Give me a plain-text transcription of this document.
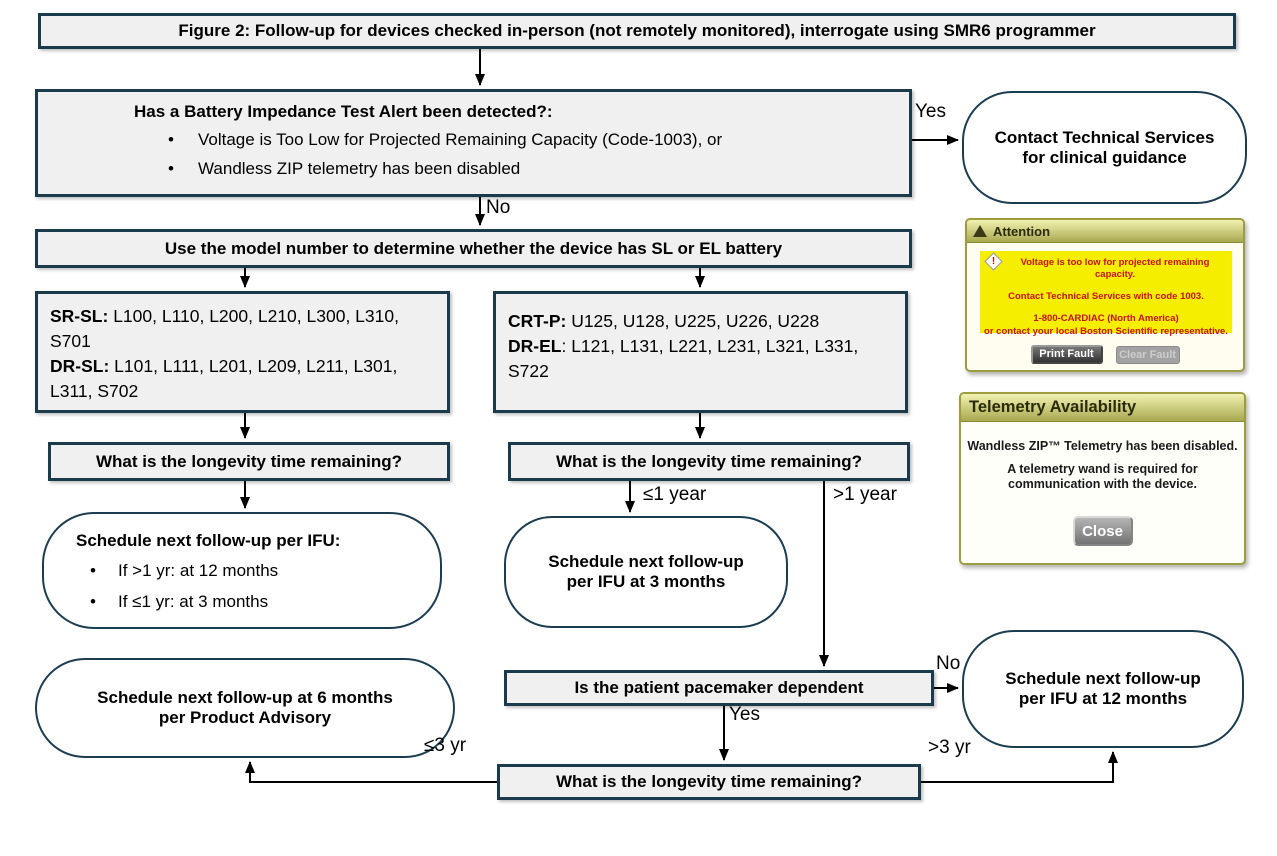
Figure 2: Follow-up for devices checked in-person (not remotely monitored), interrogate using SMR6 programmer
Has a Battery Impedance Test Alert been detected?:
•	Voltage is Too Low for Projected Remaining Capacity (Code-1003), or
•	Wandless ZIP telemetry has been disabled
Contact Technical Services for clinical guidance
Use the model number to determine whether the device has SL or EL battery
SR-SL: L100, L110, L200, L210, L300, L310, S701
DR-SL: L101, L111, L201, L209, L211, L301, L311, S702
CRT-P: U125, U128, U225, U226, U228
DR-EL: L121, L131, L221, L231, L321, L331, S722
What is the longevity time remaining?	What is the longevity time remaining?
Schedule next follow-up per IFU:
•	If >1 yr: at 12 months
•	If ≤1 yr: at 3 months
Schedule next follow-up per IFU at 3 months
Is the patient pacemaker dependent	Schedule next follow-up per IFU at 12 months
Schedule next follow-up at 6 months per Product Advisory
What is the longevity time remaining?
Yes
No
≤1 year	>1 year
No
Yes
≤3 yr	>3 yr
Attention
!	Voltage is too low for projected remaining capacity.
Contact Technical Services with code 1003.
1-800-CARDIAC (North America)
or contact your local Boston Scientific representative.
Print Fault	Clear Fault
Telemetry Availability
Wandless ZIP™ Telemetry has been disabled.
A telemetry wand is required for
communication with the device.
Close
